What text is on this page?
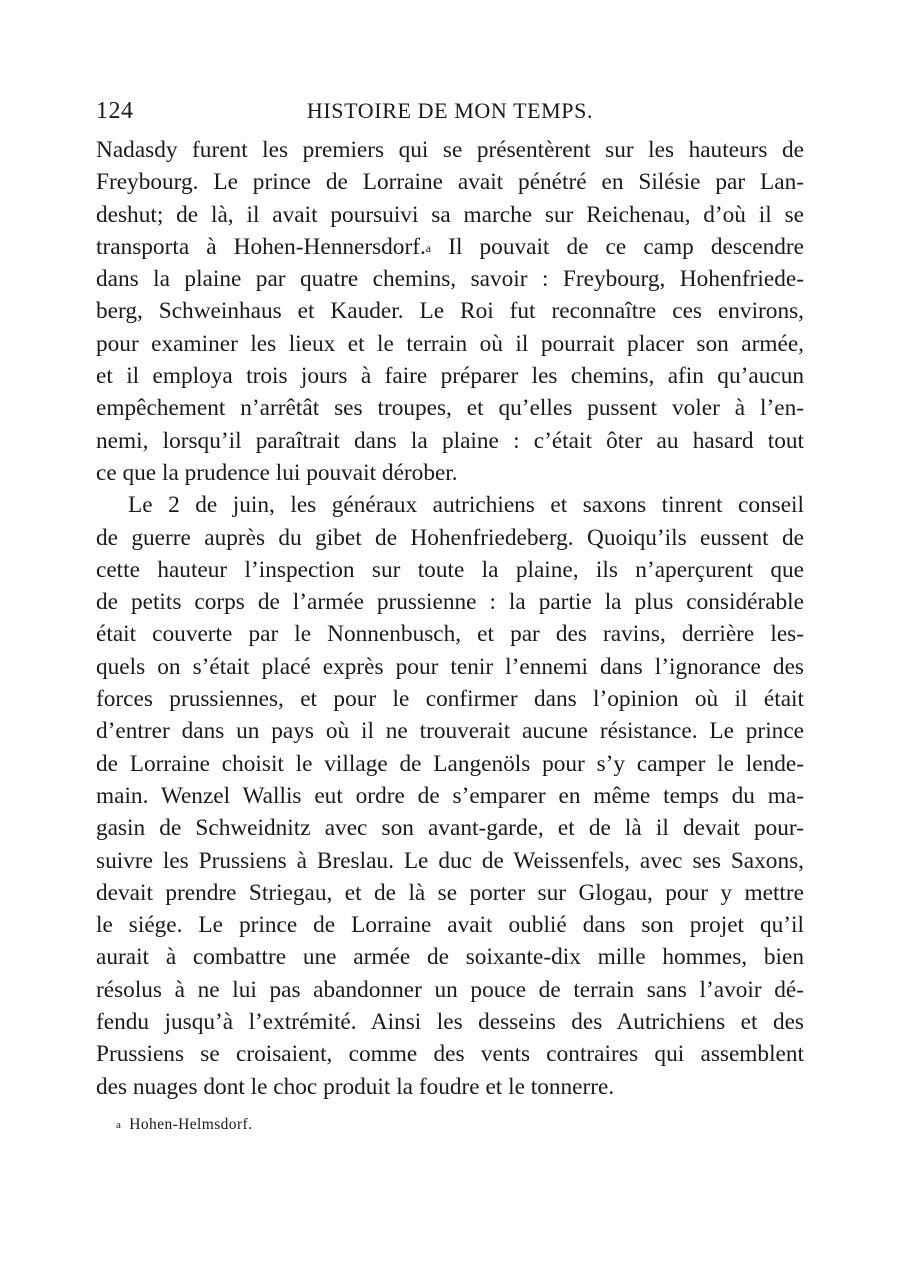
124	HISTOIRE DE MON TEMPS.
Nadasdy furent les premiers qui se présentèrent sur les hauteurs de
Freybourg. Le prince de Lorraine avait pénétré en Silésie par Lan-
deshut; de là, il avait poursuivi sa marche sur Reichenau, d’où il se
transporta à Hohen-Hennersdorf.$^a$ Il pouvait de ce camp descendre
dans la plaine par quatre chemins, savoir : Freybourg, Hohenfriede-
berg, Schweinhaus et Kauder. Le Roi fut reconnaître ces environs,
pour examiner les lieux et le terrain où il pourrait placer son armée,
et il employa trois jours à faire préparer les chemins, afin qu’aucun
empêchement n’arrêtât ses troupes, et qu’elles pussent voler à l’en-
nemi, lorsqu’il paraîtrait dans la plaine : c’était ôter au hasard tout
ce que la prudence lui pouvait dérober.
Le 2 de juin, les généraux autrichiens et saxons tinrent conseil
de guerre auprès du gibet de Hohenfriedeberg. Quoiqu’ils eussent de
cette hauteur l’inspection sur toute la plaine, ils n’aperçurent que
de petits corps de l’armée prussienne : la partie la plus considérable
était couverte par le Nonnenbusch, et par des ravins, derrière les-
quels on s’était placé exprès pour tenir l’ennemi dans l’ignorance des
forces prussiennes, et pour le confirmer dans l’opinion où il était
d’entrer dans un pays où il ne trouverait aucune résistance. Le prince
de Lorraine choisit le village de Langenöls pour s’y camper le lende-
main. Wenzel Wallis eut ordre de s’emparer en même temps du ma-
gasin de Schweidnitz avec son avant-garde, et de là il devait pour-
suivre les Prussiens à Breslau. Le duc de Weissenfels, avec ses Saxons,
devait prendre Striegau, et de là se porter sur Glogau, pour y mettre
le siége. Le prince de Lorraine avait oublié dans son projet qu’il
aurait à combattre une armée de soixante-dix mille hommes, bien
résolus à ne lui pas abandonner un pouce de terrain sans l’avoir dé-
fendu jusqu’à l’extrémité. Ainsi les desseins des Autrichiens et des
Prussiens se croisaient, comme des vents contraires qui assemblent
des nuages dont le choc produit la foudre et le tonnerre.
$^a$ Hohen-Helmsdorf.
